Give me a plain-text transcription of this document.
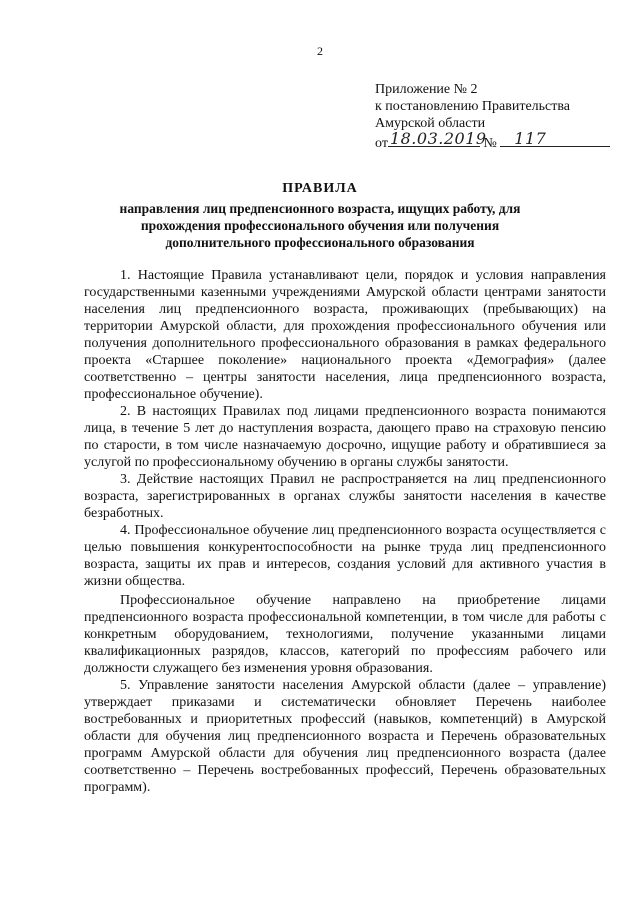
2
Приложение № 2
к постановлению Правительства
Амурской области
от 18.03.2019
№ 117
ПРАВИЛА
направления лиц предпенсионного возраста, ищущих работу, для прохождения профессионального обучения или получения дополнительного профессионального образования

1. Настоящие Правила устанавливают цели, порядок и условия направления государственными казенными учреждениями Амурской области центрами занятости населения лиц предпенсионного возраста, проживающих (пребывающих) на территории Амурской области, для прохождения профессионального обучения или получения дополнительного профессионального образования в рамках федерального проекта «Старшее поколение» национального проекта «Демография» (далее соответственно – центры занятости населения, лица предпенсионного возраста, профессиональное обучение).

2. В настоящих Правилах под лицами предпенсионного возраста понимаются лица, в течение 5 лет до наступления возраста, дающего право на страховую пенсию по старости, в том числе назначаемую досрочно, ищущие работу и обратившиеся за услугой по профессиональному обучению в органы службы занятости.

3. Действие настоящих Правил не распространяется на лиц предпенсионного возраста, зарегистрированных в органах службы занятости населения в качестве безработных.

4. Профессиональное обучение лиц предпенсионного возраста осуществляется с целью повышения конкурентоспособности на рынке труда лиц предпенсионного возраста, защиты их прав и интересов, создания условий для активного участия в жизни общества.

Профессиональное обучение направлено на приобретение лицами предпенсионного возраста профессиональной компетенции, в том числе для работы с конкретным оборудованием, технологиями, получение указанными лицами квалификационных разрядов, классов, категорий по профессиям рабочего или должности служащего без изменения уровня образования.

5. Управление занятости населения Амурской области (далее – управление) утверждает приказами и систематически обновляет Перечень наиболее востребованных и приоритетных профессий (навыков, компетенций) в Амурской области для обучения лиц предпенсионного возраста и Перечень образовательных программ Амурской области для обучения лиц предпенсионного возраста (далее соответственно – Перечень востребованных профессий, Перечень образовательных программ).
